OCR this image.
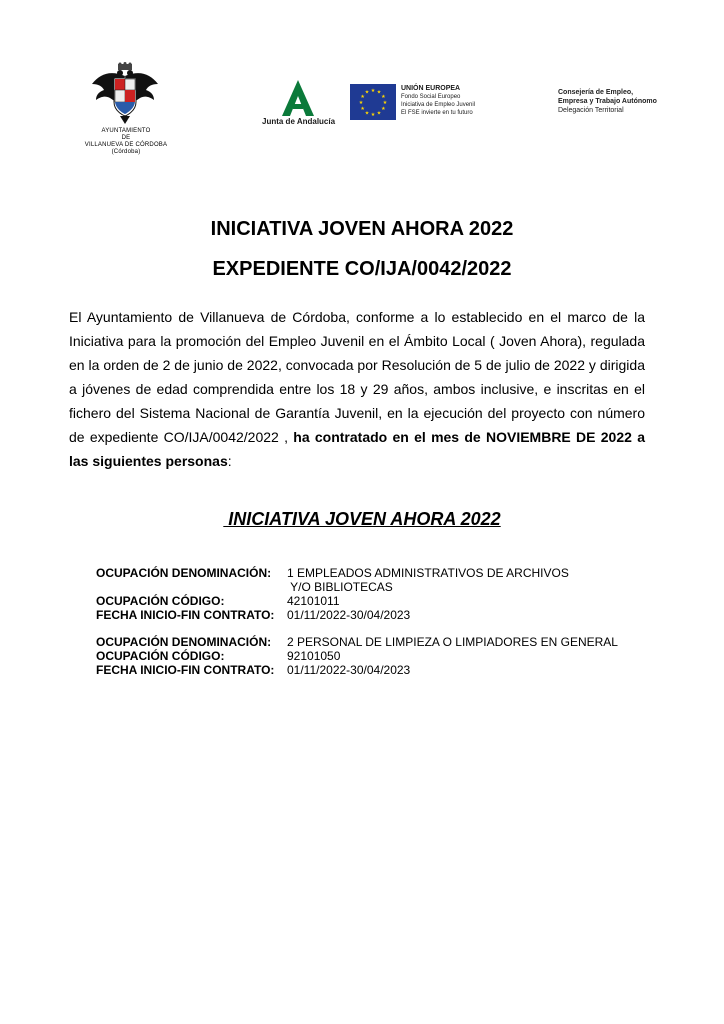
AYUNTAMIENTO
DE
VILLANUEVA DE CÓRDOBA
(Córdoba)
Junta de Andalucía
★ ★
★
★
★
★
★
★
★
★
★
★
UNIÓN EUROPEA
Fondo Social Europeo
Iniciativa de Empleo Juvenil
El FSE invierte en tu futuro
Consejería de Empleo,
Empresa y Trabajo Autónomo
Delegación Territorial
INICIATIVA JOVEN AHORA 2022
EXPEDIENTE CO/IJA/0042/2022
El Ayuntamiento de Villanueva de Córdoba, conforme a lo establecido en el marco de la Iniciativa para la promoción del Empleo Juvenil en el Ámbito Local ( Joven Ahora), regulada en la orden de 2 de junio de 2022, convocada por Resolución de 5 de julio de 2022 y dirigida a jóvenes de edad comprendida entre los 18 y 29 años, ambos inclusive, e inscritas en el fichero del Sistema Nacional de Garantía Juvenil, en la ejecución del proyecto con número de expediente CO/IJA/0042/2022 , ha contratado en el mes de NOVIEMBRE DE 2022 a las siguientes personas:
INICIATIVA JOVEN AHORA 2022
OCUPACIÓN DENOMINACIÓN:	1 EMPLEADOS ADMINISTRATIVOS DE ARCHIVOS
Y/O BIBLIOTECAS
OCUPACIÓN CÓDIGO:	42101011
FECHA INICIO-FIN CONTRATO:	01/11/2022-30/04/2023
OCUPACIÓN DENOMINACIÓN:	2 PERSONAL DE LIMPIEZA O LIMPIADORES EN GENERAL
OCUPACIÓN CÓDIGO:	92101050
FECHA INICIO-FIN CONTRATO:	01/11/2022-30/04/2023
